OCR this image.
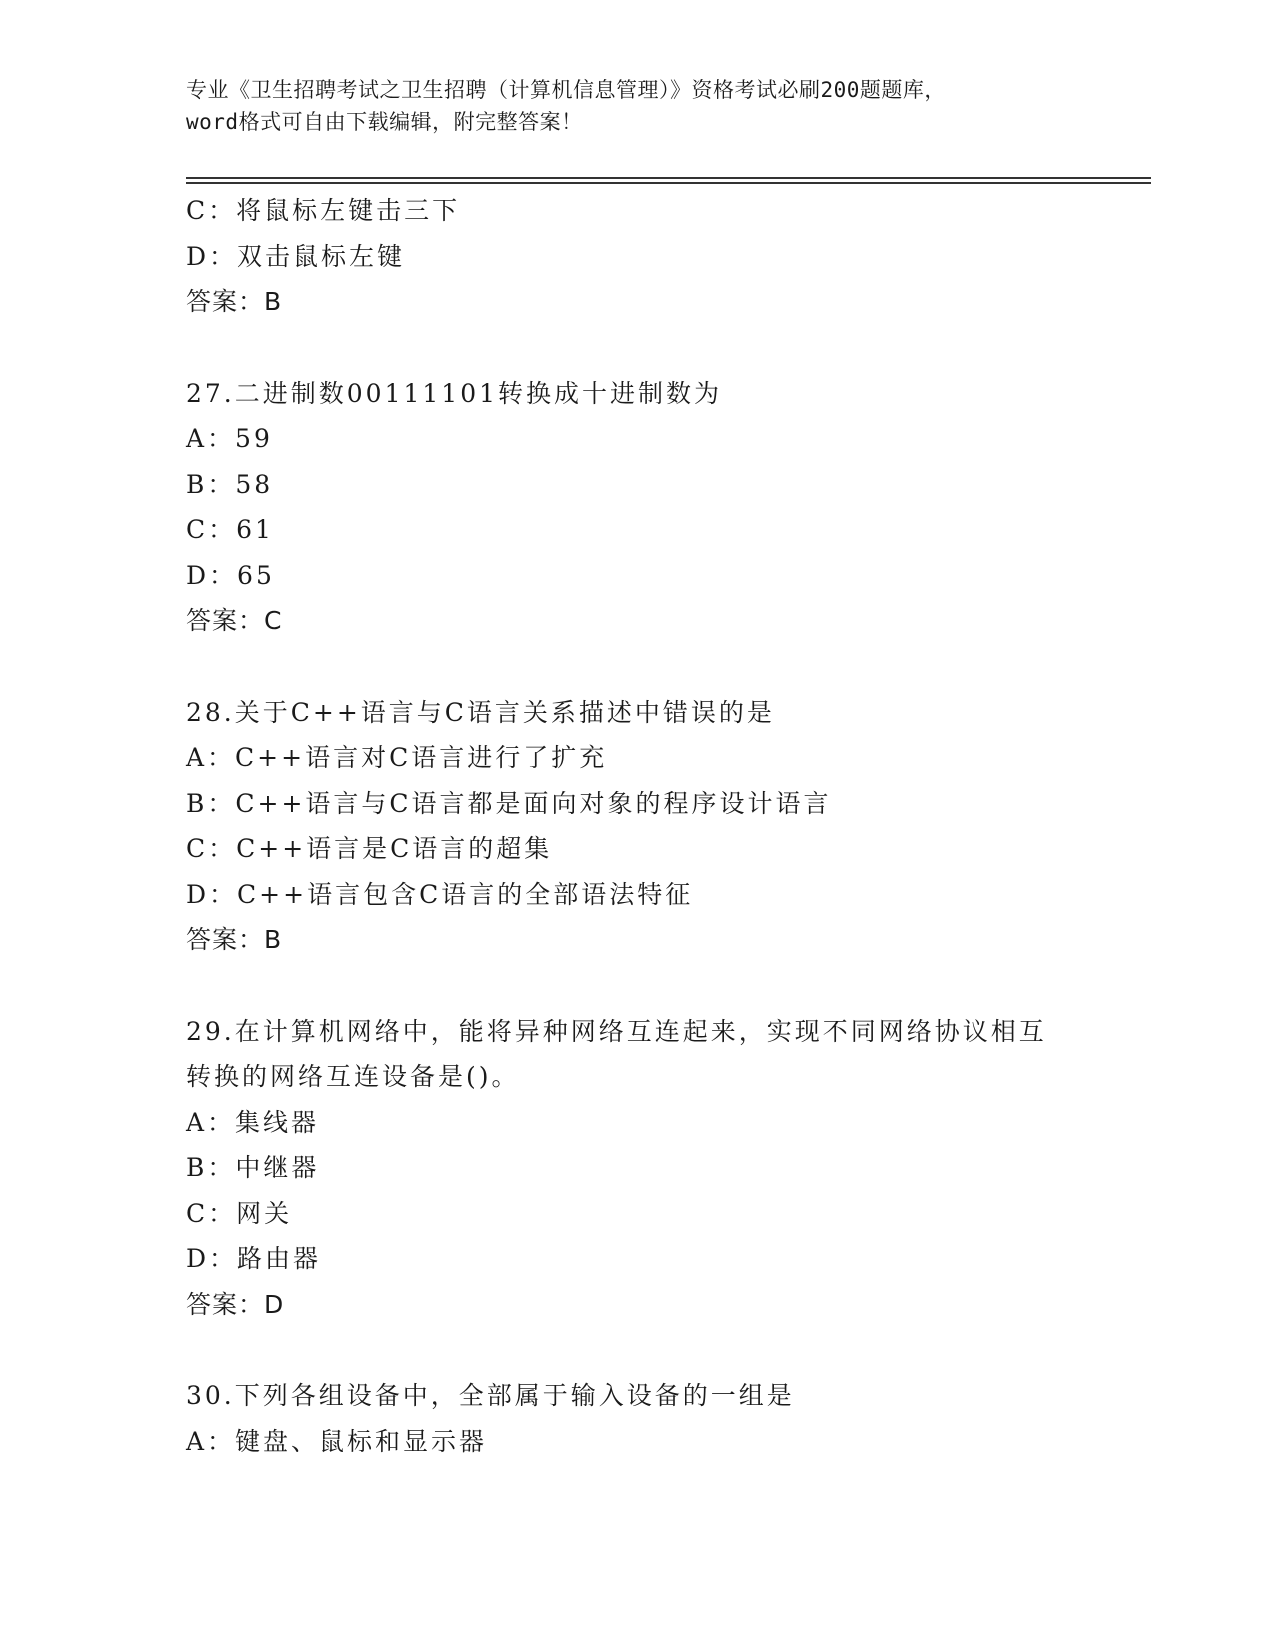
专业《卫生招聘考试之卫生招聘（计算机信息管理）》资格考试必刷200题题库，
word格式可自由下载编辑，附完整答案！
C：将鼠标左键击三下
D：双击鼠标左键
答案：B
27.二进制数00111101转换成十进制数为
A：59
B：58
C：61
D：65
答案：C
28.关于C++语言与C语言关系描述中错误的是
A：C++语言对C语言进行了扩充
B：C++语言与C语言都是面向对象的程序设计语言
C：C++语言是C语言的超集
D：C++语言包含C语言的全部语法特征
答案：B
29.在计算机网络中，能将异种网络互连起来，实现不同网络协议相互
转换的网络互连设备是()。
A：集线器
B：中继器
C：网关
D：路由器
答案：D
30.下列各组设备中，全部属于输入设备的一组是
A：键盘、鼠标和显示器
